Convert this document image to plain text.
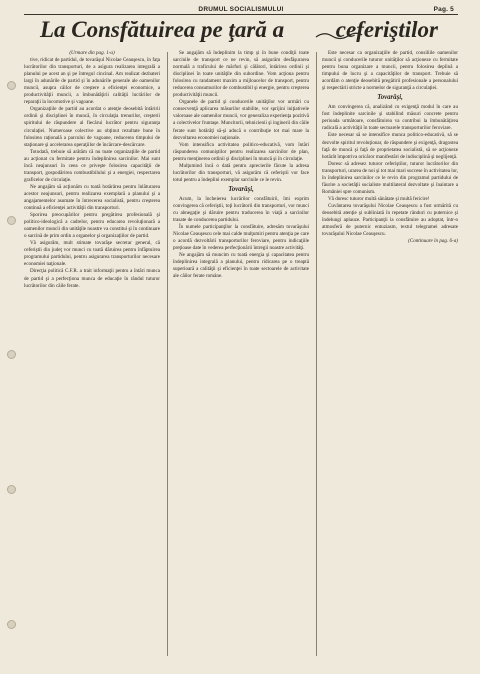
DRUMUL SOCIALISMULUI	Pag. 5
La Consfătuirea pe ţară a ceferiştilor

(Urmare din pag. 1-a)

tive, ridicat de partidul, de tovarăşul Nicolae Ceauşescu, în faţa lucrătorilor din transporturi, de a asigura realizarea integrală a planului pe acest an şi pe întregul cincinal. Am realizat dezbateri largi în adunările de partid şi în adunările generale ale oamenilor muncii, asupra căilor de creştere a eficienţei economice, a productivităţii muncii, a îmbunătăţirii calităţii lucrărilor de reparaţii la locomotive şi vagoane.

Organizaţiile de partid au acordat o atenţie deosebită întăririi ordinii şi disciplinei în muncă, în circulaţia trenurilor, creşterii spiritului de răspundere al fiecărui lucrător pentru siguranţa circulaţiei. Numeroase colective au obţinut rezultate bune în folosirea raţională a parcului de vagoane, reducerea timpului de staţionare şi accelerarea operaţiilor de încărcare-descărcare.

Totodată, trebuie să arătăm că nu toate organizaţiile de partid au acţionat cu fermitate pentru îndeplinirea sarcinilor. Mai sunt încă neajunsuri în ceea ce priveşte folosirea capacităţii de transport, gospodărirea combustibilului şi a energiei, respectarea graficelor de circulaţie.

Ne angajăm să acţionăm cu toată hotărârea pentru înlăturarea acestor neajunsuri, pentru realizarea exemplară a planului şi a angajamentelor asumate în întrecerea socialistă, pentru creşterea continuă a eficienţei activităţii din transporturi.

Sporirea preocupărilor pentru pregătirea profesională şi politico-ideologică a cadrelor, pentru educarea revoluţionară a oamenilor muncii din unităţile noastre va constitui şi în continuare o sarcină de prim ordin a organelor şi organizaţiilor de partid.

Vă asigurăm, mult stimate tovarăşe secretar general, că ceferiştii din judeţ vor munci cu toată dăruirea pentru înfăptuirea programului partidului, pentru asigurarea transporturilor necesare economiei naţionale.

Direcţia politică C.F.R. a trait informaţii pentru a întări munca de partid şi a perfecţiona munca de educaţie în rândul tuturor lucrătorilor din căile ferate.

Se angajăm să îndeplinim la timp şi în bune condiţii toate sarcinile de transport ce ne revin, să asigurăm desfăşurarea normală a traficului de mărfuri şi călători, întărirea ordinii şi disciplinei în toate unităţile din subordine. Vom acţiona pentru folosirea cu randament maxim a mijloacelor de transport, pentru reducerea consumurilor de combustibil şi energie, pentru creşterea productivităţii muncii.

Organele de partid şi conducerile unităţilor vor urmări cu consecvenţă aplicarea măsurilor stabilite, vor sprijini iniţiativele valoroase ale oamenilor muncii, vor generaliza experienţa pozitivă a colectivelor fruntaşe. Muncitorii, tehnicienii şi inginerii din căile ferate sunt hotărâţi să-şi aducă o contribuţie tot mai mare la dezvoltarea economiei naţionale.

Vom intensifica activitatea politico-educativă, vom întări răspunderea comuniştilor pentru realizarea sarcinilor de plan, pentru menţinerea ordinii şi disciplinei în muncă şi în circulaţie.

Mulţumind încă o dată pentru aprecierile făcute la adresa lucrătorilor din transporturi, vă asigurăm că ceferiştii vor face totul pentru a îndeplini exemplar sarcinile ce le revin.

Tovarăşi,

Acum, la încheierea lucrărilor consfătuirii, îmi exprim convingerea că ceferiştii, toţi lucrătorii din transporturi, vor munci cu abnegaţie şi dăruire pentru traducerea în viaţă a sarcinilor trasate de conducerea partidului.

În numele participanţilor la consfătuire, adresăm tovarăşului Nicolae Ceauşescu cele mai calde mulţumiri pentru atenţia pe care o acordă dezvoltării transporturilor feroviare, pentru indicaţiile preţioase date în vederea perfecţionării întregii noastre activităţi.

Ne angajăm să muncim cu toată energia şi capacitatea pentru îndeplinirea integrală a planului, pentru ridicarea pe o treaptă superioară a calităţii şi eficienţei în toate sectoarele de activitate ale căilor ferate române.

Este necesar ca organizaţiile de partid, consiliile oamenilor muncii şi conducerile tuturor unităţilor să acţioneze cu fermitate pentru buna organizare a muncii, pentru folosirea deplină a timpului de lucru şi a capacităţilor de transport. Trebuie să acordăm o atenţie deosebită pregătirii profesionale a personalului şi respectării stricte a normelor de siguranţă a circulaţiei.

Tovarăşi,

Am convingerea că, analizând cu exigenţă modul în care au fost îndeplinite sarcinile şi stabilind măsuri concrete pentru perioada următoare, consfătuirea va contribui la îmbunătăţirea radicală a activităţii în toate sectoarele transporturilor feroviare.

Este necesar să se intensifice munca politico-educativă, să se dezvolte spiritul revoluţionar, de răspundere şi exigenţă, dragostea faţă de muncă şi faţă de proprietatea socialistă, să se acţioneze hotărât împotriva oricăror manifestări de indisciplină şi neglijenţă.

Doresc să adresez tuturor ceferiştilor, tuturor lucrătorilor din transporturi, urarea de noi şi tot mai mari succese în activitatea lor, în îndeplinirea sarcinilor ce le revin din programul partidului de făurire a societăţii socialiste multilateral dezvoltate şi înaintare a României spre comunism.

Vă doresc tuturor multă sănătate şi multă fericire!

Cuvântarea tovarăşului Nicolae Ceauşescu a fost urmărită cu deosebită atenţie şi subliniată în repetate rânduri cu puternice şi îndelungi aplauze. Participanţii la consfătuire au adoptat, într-o atmosferă de puternic entuziasm, textul telegramei adresate tovarăşului Nicolae Ceauşescu.

(Continuare în pag. 6-a)
